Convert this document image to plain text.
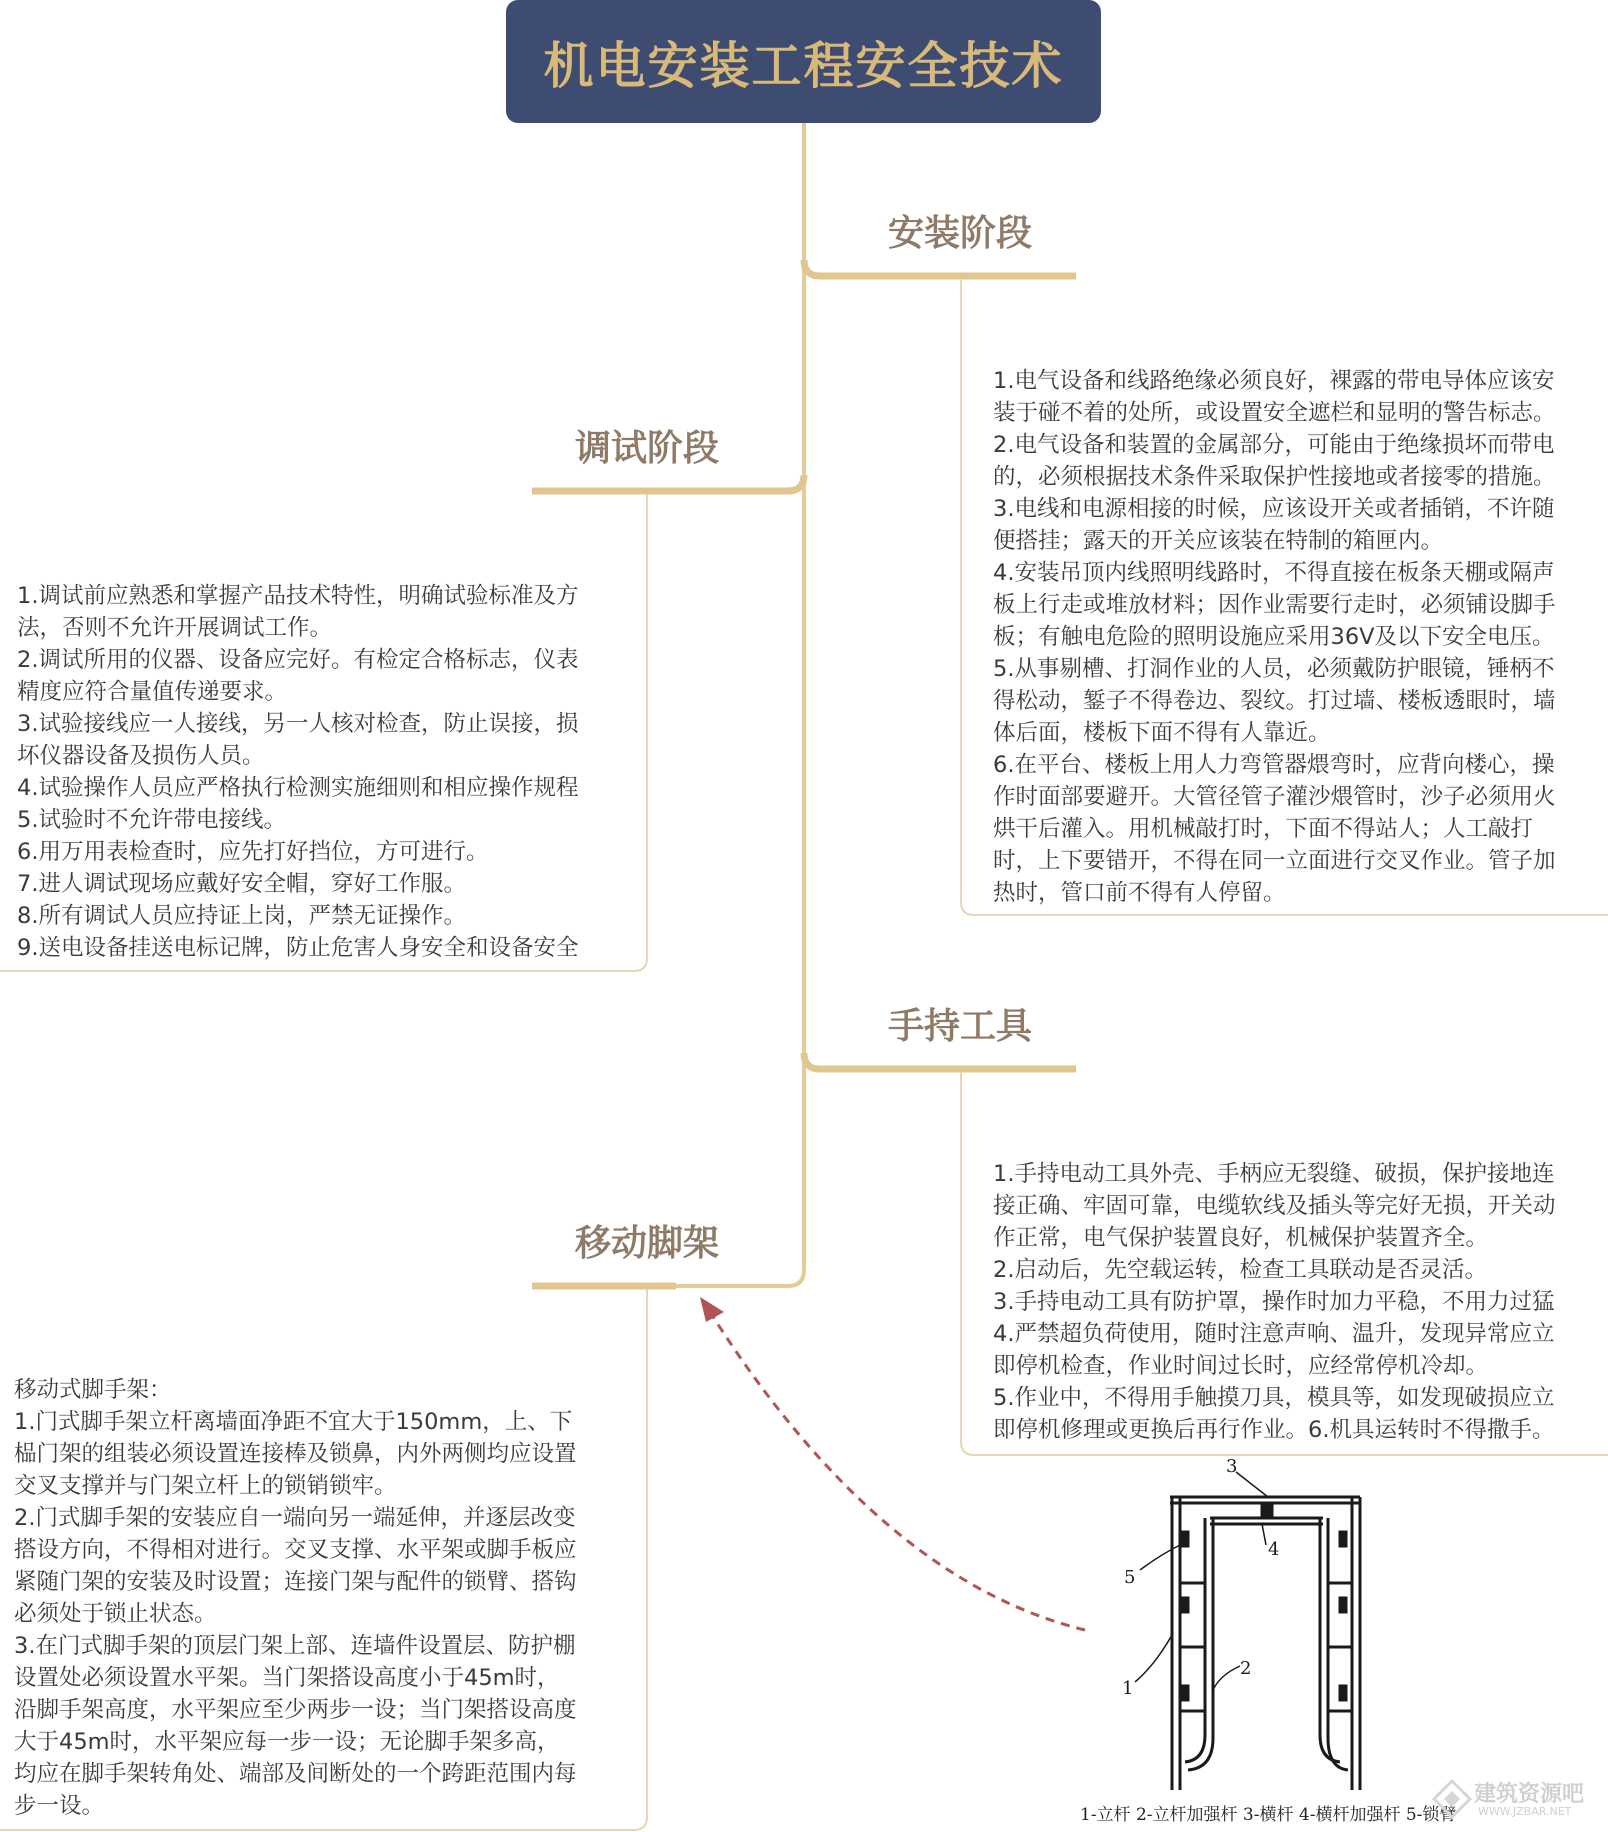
3
4
5
1
2
机电安装工程安全技术
安装阶段
调试阶段
手持工具
移动脚架
1.电气设备和线路绝缘必须良好，裸露的带电导体应该安
装于碰不着的处所，或设置安全遮栏和显明的警告标志。
2.电气设备和装置的金属部分，可能由于绝缘损坏而带电
的，必须根据技术条件采取保护性接地或者接零的措施。
3.电线和电源相接的时候，应该设开关或者插销，不许随
便搭挂；露天的开关应该装在特制的箱匣内。
4.安装吊顶内线照明线路时，不得直接在板条天棚或隔声
板上行走或堆放材料；因作业需要行走时，必须铺设脚手
板；有触电危险的照明设施应采用36V及以下安全电压。
5.从事剔槽、打洞作业的人员，必须戴防护眼镜，锤柄不
得松动，錾子不得卷边、裂纹。打过墙、楼板透眼时，墙
体后面，楼板下面不得有人靠近。
6.在平台、楼板上用人力弯管器煨弯时，应背向楼心，操
作时面部要避开。大管径管子灌沙煨管时，沙子必须用火
烘干后灌入。用机械敲打时，下面不得站人；人工敲打
时，上下要错开，不得在同一立面进行交叉作业。管子加
热时，管口前不得有人停留。
1.调试前应熟悉和掌握产品技术特性，明确试验标准及方
法，否则不允许开展调试工作。
2.调试所用的仪器、设备应完好。有检定合格标志，仪表
精度应符合量值传递要求。
3.试验接线应一人接线，另一人核对检查，防止误接，损
坏仪器设备及损伤人员。
4.试验操作人员应严格执行检测实施细则和相应操作规程
5.试验时不允许带电接线。
6.用万用表检查时，应先打好挡位，方可进行。
7.进人调试现场应戴好安全帽，穿好工作服。
8.所有调试人员应持证上岗，严禁无证操作。
9.送电设备挂送电标记牌，防止危害人身安全和设备安全
1.手持电动工具外壳、手柄应无裂缝、破损，保护接地连
接正确、牢固可靠，电缆软线及插头等完好无损，开关动
作正常，电气保护装置良好，机械保护装置齐全。
2.启动后，先空载运转，检查工具联动是否灵活。
3.手持电动工具有防护罩，操作时加力平稳，不用力过猛
4.严禁超负荷使用，随时注意声响、温升，发现异常应立
即停机检查，作业时间过长时，应经常停机冷却。
5.作业中，不得用手触摸刀具，模具等，如发现破损应立
即停机修理或更换后再行作业。6.机具运转时不得撒手。
移动式脚手架：
1.门式脚手架立杆离墙面净距不宜大于150mm，上、下
榀门架的组装必须设置连接棒及锁鼻，内外两侧均应设置
交叉支撑并与门架立杆上的锁销锁牢。
2.门式脚手架的安装应自一端向另一端延伸，并逐层改变
搭设方向，不得相对进行。交叉支撑、水平架或脚手板应
紧随门架的安装及时设置；连接门架与配件的锁臂、搭钩
必须处于锁止状态。
3.在门式脚手架的顶层门架上部、连墙件设置层、防护棚
设置处必须设置水平架。当门架搭设高度小于45m时，
沿脚手架高度，水平架应至少两步一设；当门架搭设高度
大于45m时，水平架应每一步一设；无论脚手架多高，
均应在脚手架转角处、端部及间断处的一个跨距范围内每
步一设。	1-立杆 2-立杆加强杆 3-横杆 4-横杆加强杆 5-锁臂
建筑资源吧
WWW.JZBAR.NET
